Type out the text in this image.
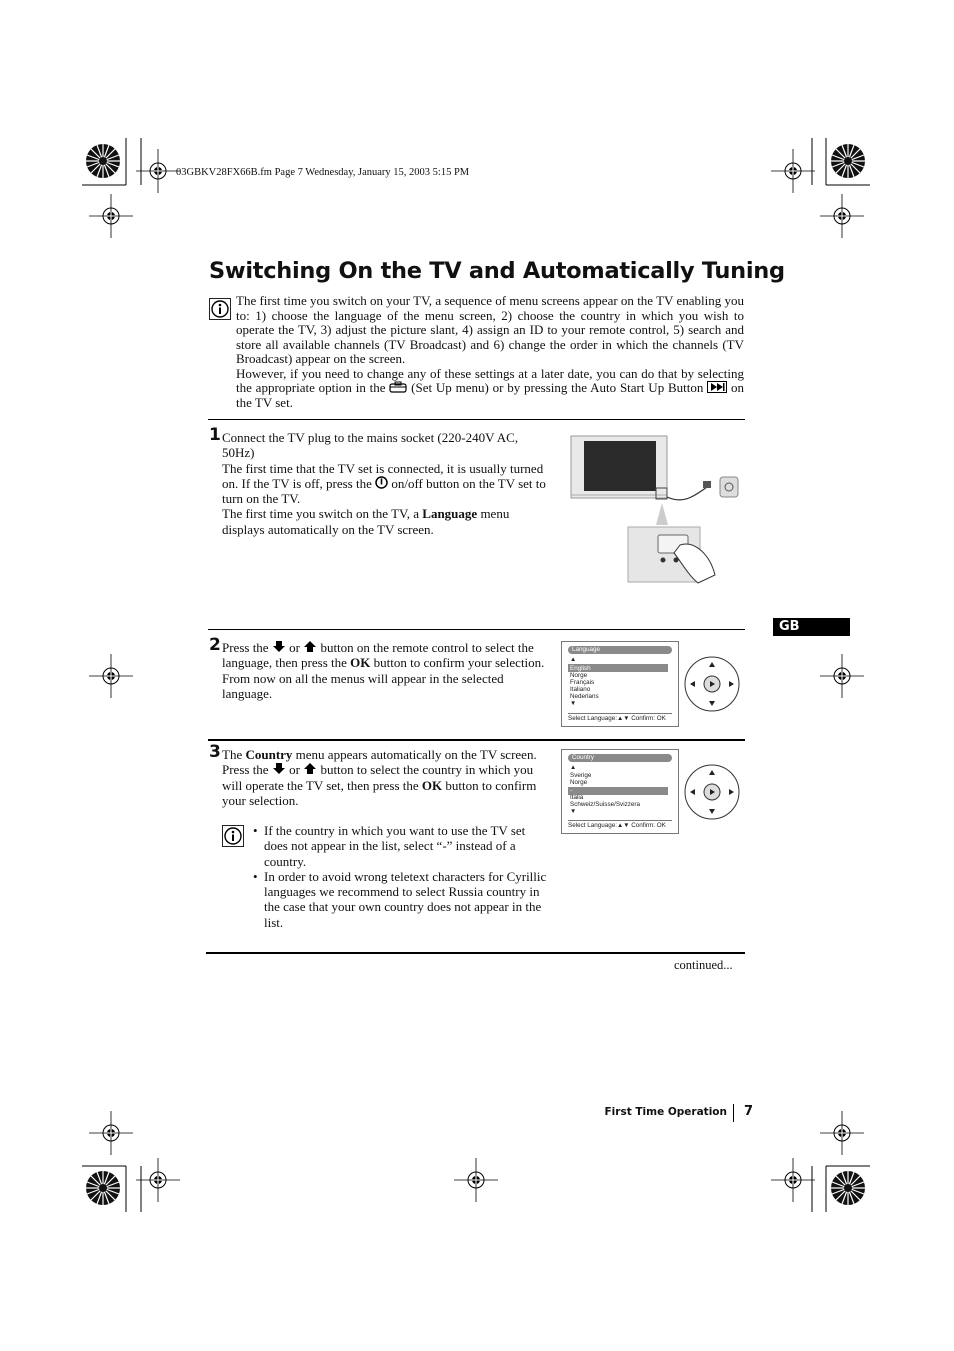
03GBKV28FX66B.fm Page 7 Wednesday, January 15, 2003 5:15 PM
Switching On the TV and Automatically Tuning
The first time you switch on your TV, a sequence of menu screens appear on the TV enabling you to: 1) choose the language of the menu screen, 2) choose the country in which you wish to operate the TV, 3) adjust the picture slant, 4) assign an ID to your remote control, 5) search and store all available channels (TV Broadcast) and 6) change the order in which the channels (TV Broadcast) appear on the screen.
However, if you need to change any of these settings at a later date, you can do that by selecting the appropriate option in the (Set Up menu) or by pressing the Auto Start Up Button on the TV set.
1 Connect the TV plug to the mains socket (220-240V AC, 50Hz)

The first time that the TV set is connected, it is usually turned on. If the TV is off, press the on/off button on the TV set to turn on the TV.

The first time you switch on the TV, a Language menu displays automatically on the TV screen.

GB
2 Press the or button on the remote control to select the language, then press the OK button to confirm your selection. From now on all the menus will appear in the selected language.

Language
▲
English
Norge
Français
Italiano
Nederlans
▼
Select Language:▲▼ Confirm: OK
3 The Country menu appears automatically on the TV screen. Press the or button to select the country in which you will operate the TV set, then press the OK button to confirm your selection.

Country
▲
Sverige
Norge
-
Italia
Schweiz/Suisse/Svizzera
▼
Select Language:▲▼ Confirm: OK

• If the country in which you want to use the TV set does not appear in the list, select “-” instead of a country.

• In order to avoid wrong teletext characters for Cyrillic languages we recommend to select Russia country in the case that your own country does not appear in the list.

continued...
First Time Operation 7
